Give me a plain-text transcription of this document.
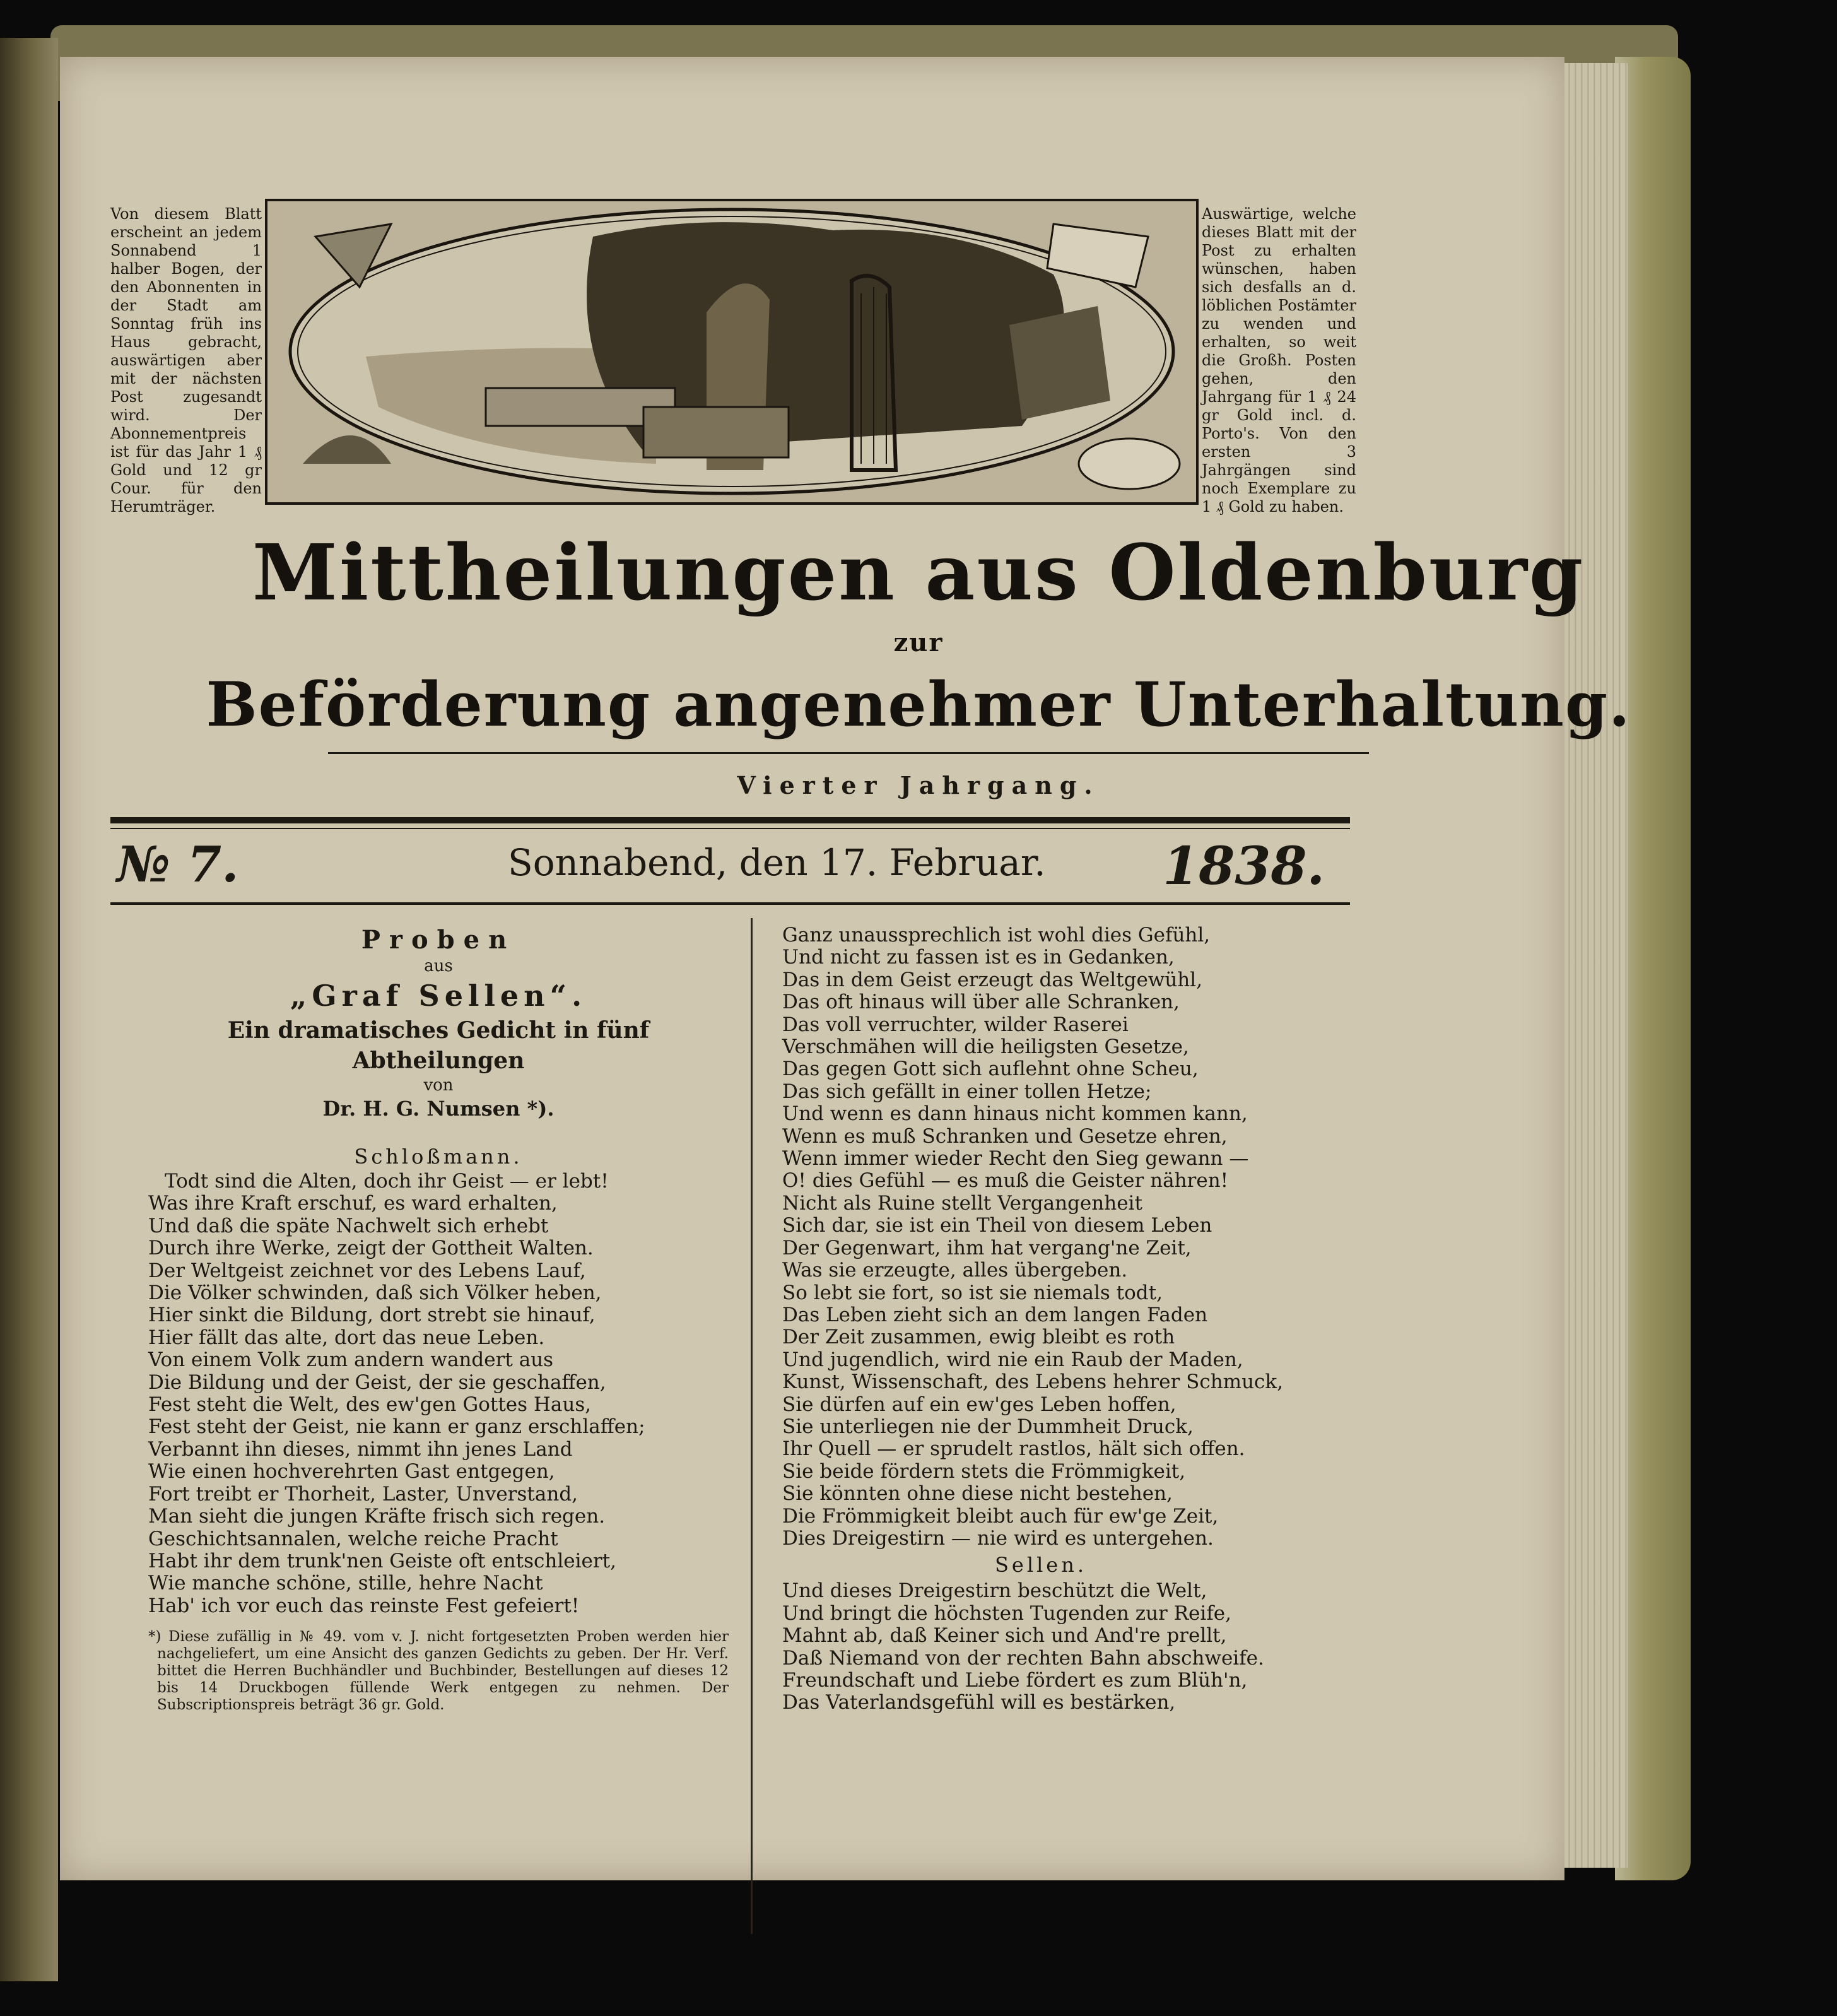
Von diesem Blatt erscheint an jedem Sonnabend 1 halber Bogen, der den Abonnenten in der Stadt am Sonntag früh ins Haus gebracht, auswärtigen aber mit der nächsten Post zugesandt wird. Der Abonnementpreis ist für das Jahr 1 ₰ Gold und 12 gr Cour. für den Herumträger.
Auswärtige, welche dieses Blatt mit der Post zu erhalten wünschen, haben sich desfalls an d. löblichen Postämter zu wenden und erhalten, so weit die Großh. Posten gehen, den Jahrgang für 1 ₰ 24 gr Gold incl. d. Porto's. Von den ersten 3 Jahrgängen sind noch Exemplare zu 1 ₰ Gold zu haben.
Mittheilungen aus Oldenburg
zur
Beförderung angenehmer Unterhaltung.
Vierter Jahrgang.
№ 7.	Sonnabend, den 17. Februar. 1838.
Proben
aus
„Graf Sellen“.
Ein dramatisches Gedicht in fünf Abtheilungen
von
Dr. H. G. Numsen *).
Schloßmann.
Todt sind die Alten, doch ihr Geist — er lebt!
Was ihre Kraft erschuf, es ward erhalten,
Und daß die späte Nachwelt sich erhebt
Durch ihre Werke, zeigt der Gottheit Walten.
Der Weltgeist zeichnet vor des Lebens Lauf,
Die Völker schwinden, daß sich Völker heben,
Hier sinkt die Bildung, dort strebt sie hinauf,
Hier fällt das alte, dort das neue Leben.
Von einem Volk zum andern wandert aus
Die Bildung und der Geist, der sie geschaffen,
Fest steht die Welt, des ew'gen Gottes Haus,
Fest steht der Geist, nie kann er ganz erschlaffen;
Verbannt ihn dieses, nimmt ihn jenes Land
Wie einen hochverehrten Gast entgegen,
Fort treibt er Thorheit, Laster, Unverstand,
Man sieht die jungen Kräfte frisch sich regen.
Geschichtsannalen, welche reiche Pracht
Habt ihr dem trunk'nen Geiste oft entschleiert,
Wie manche schöne, stille, hehre Nacht
Hab' ich vor euch das reinste Fest gefeiert!
*) Diese zufällig in № 49. vom v. J. nicht fortgesetzten Proben werden hier nachgeliefert, um eine Ansicht des ganzen Gedichts zu geben. Der Hr. Verf. bittet die Herren Buchhändler und Buchbinder, Bestellungen auf dieses 12 bis 14 Druckbogen füllende Werk entgegen zu nehmen. Der Subscriptionspreis beträgt 36 gr. Gold.
Ganz unaussprechlich ist wohl dies Gefühl,
Und nicht zu fassen ist es in Gedanken,
Das in dem Geist erzeugt das Weltgewühl,
Das oft hinaus will über alle Schranken,
Das voll verruchter, wilder Raserei
Verschmähen will die heiligsten Gesetze,
Das gegen Gott sich auflehnt ohne Scheu,
Das sich gefällt in einer tollen Hetze;
Und wenn es dann hinaus nicht kommen kann,
Wenn es muß Schranken und Gesetze ehren,
Wenn immer wieder Recht den Sieg gewann —
O! dies Gefühl — es muß die Geister nähren!
Nicht als Ruine stellt Vergangenheit
Sich dar, sie ist ein Theil von diesem Leben
Der Gegenwart, ihm hat vergang'ne Zeit,
Was sie erzeugte, alles übergeben.
So lebt sie fort, so ist sie niemals todt,
Das Leben zieht sich an dem langen Faden
Der Zeit zusammen, ewig bleibt es roth
Und jugendlich, wird nie ein Raub der Maden,
Kunst, Wissenschaft, des Lebens hehrer Schmuck,
Sie dürfen auf ein ew'ges Leben hoffen,
Sie unterliegen nie der Dummheit Druck,
Ihr Quell — er sprudelt rastlos, hält sich offen.
Sie beide fördern stets die Frömmigkeit,
Sie könnten ohne diese nicht bestehen,
Die Frömmigkeit bleibt auch für ew'ge Zeit,
Dies Dreigestirn — nie wird es untergehen.
Sellen.
Und dieses Dreigestirn beschützt die Welt,
Und bringt die höchsten Tugenden zur Reife,
Mahnt ab, daß Keiner sich und And're prellt,
Daß Niemand von der rechten Bahn abschweife.
Freundschaft und Liebe fördert es zum Blüh'n,
Das Vaterlandsgefühl will es bestärken,
